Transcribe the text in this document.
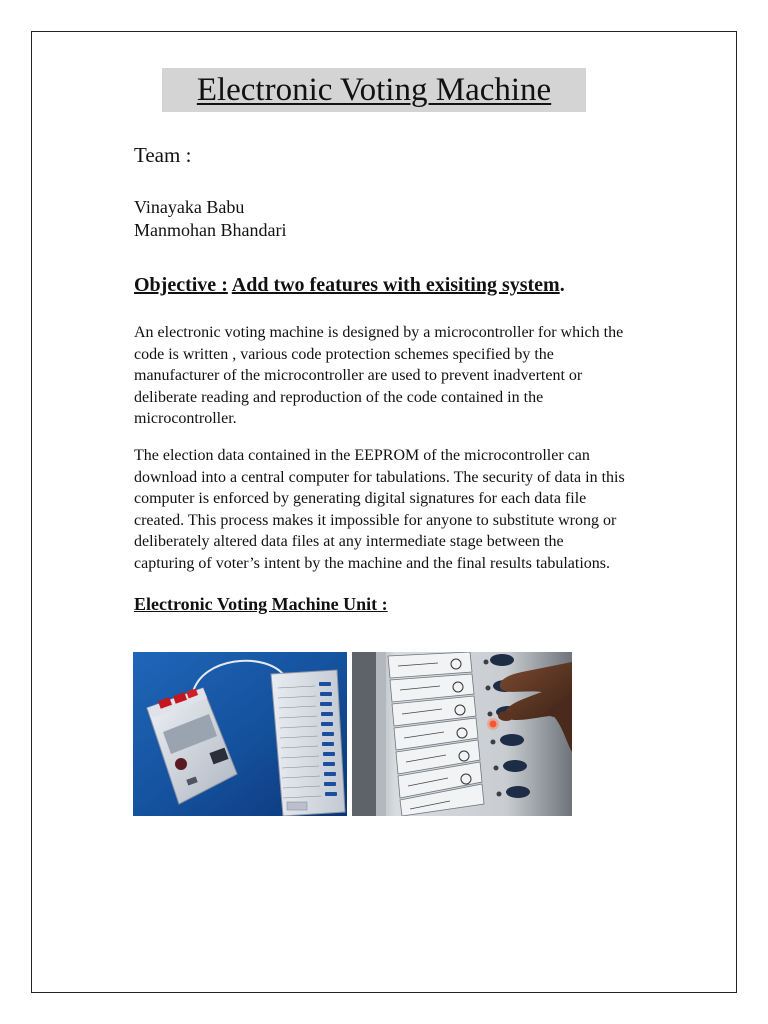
Electronic Voting Machine
Team :
Vinayaka Babu
Manmohan Bhandari
Objective : Add two features with exisiting system.

An electronic voting machine is designed by a microcontroller for which the
code is written , various code protection schemes specified by the
manufacturer of the microcontroller are used to prevent inadvertent or
deliberate reading and reproduction of the code contained in the
microcontroller.

The election data contained in the EEPROM of the microcontroller can
download into a central computer for tabulations. The security of data in this
computer is enforced by generating digital signatures for each data file
created. This process makes it impossible for anyone to substitute wrong or
deliberately altered data files at any intermediate stage between the
capturing of voter’s intent by the machine and the final results tabulations.

Electronic Voting Machine Unit :
